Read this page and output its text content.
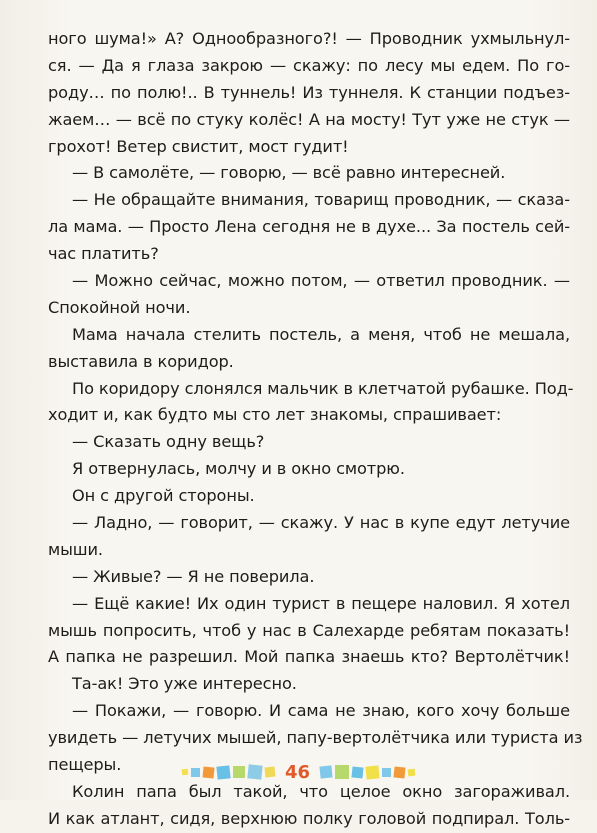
ного шума!» А? Однообразного?! — Проводник ухмыльнул-
ся. — Да я глаза закрою — скажу: по лесу мы едем. По го-
роду… по полю!.. В туннель! Из туннеля. К станции подъез-
жаем… — всё по стуку колёс! А на мосту! Тут уже не стук —
грохот! Ветер свистит, мост гудит!
— В самолёте, — говорю, — всё равно интересней.
— Не обращайте внимания, товарищ проводник, — сказа-
ла мама. — Просто Лена сегодня не в духе... За постель сей-
час платить?
— Можно сейчас, можно потом, — ответил проводник. —
Спокойной ночи.
Мама начала стелить постель, а меня, чтоб не мешала,
выставила в коридор.
По коридору слонялся мальчик в клетчатой рубашке. Под-
ходит и, как будто мы сто лет знакомы, спрашивает:
— Сказать одну вещь?
Я отвернулась, молчу и в окно смотрю.
Он с другой стороны.
— Ладно, — говорит, — скажу. У нас в купе едут летучие
мыши.
— Живые? — Я не поверила.
— Ещё какие! Их один турист в пещере наловил. Я хотел
мышь попросить, чтоб у нас в Салехарде ребятам показать!
А папка не разрешил. Мой папка знаешь кто? Вертолётчик!
Та-ак! Это уже интересно.
— Покажи, — говорю. И сама не знаю, кого хочу больше
увидеть — летучих мышей, папу-вертолётчика или туриста из
пещеры.
Колин папа был такой, что целое окно загораживал.
И как атлант, сидя, верхнюю полку головой подпирал. Толь-
46
